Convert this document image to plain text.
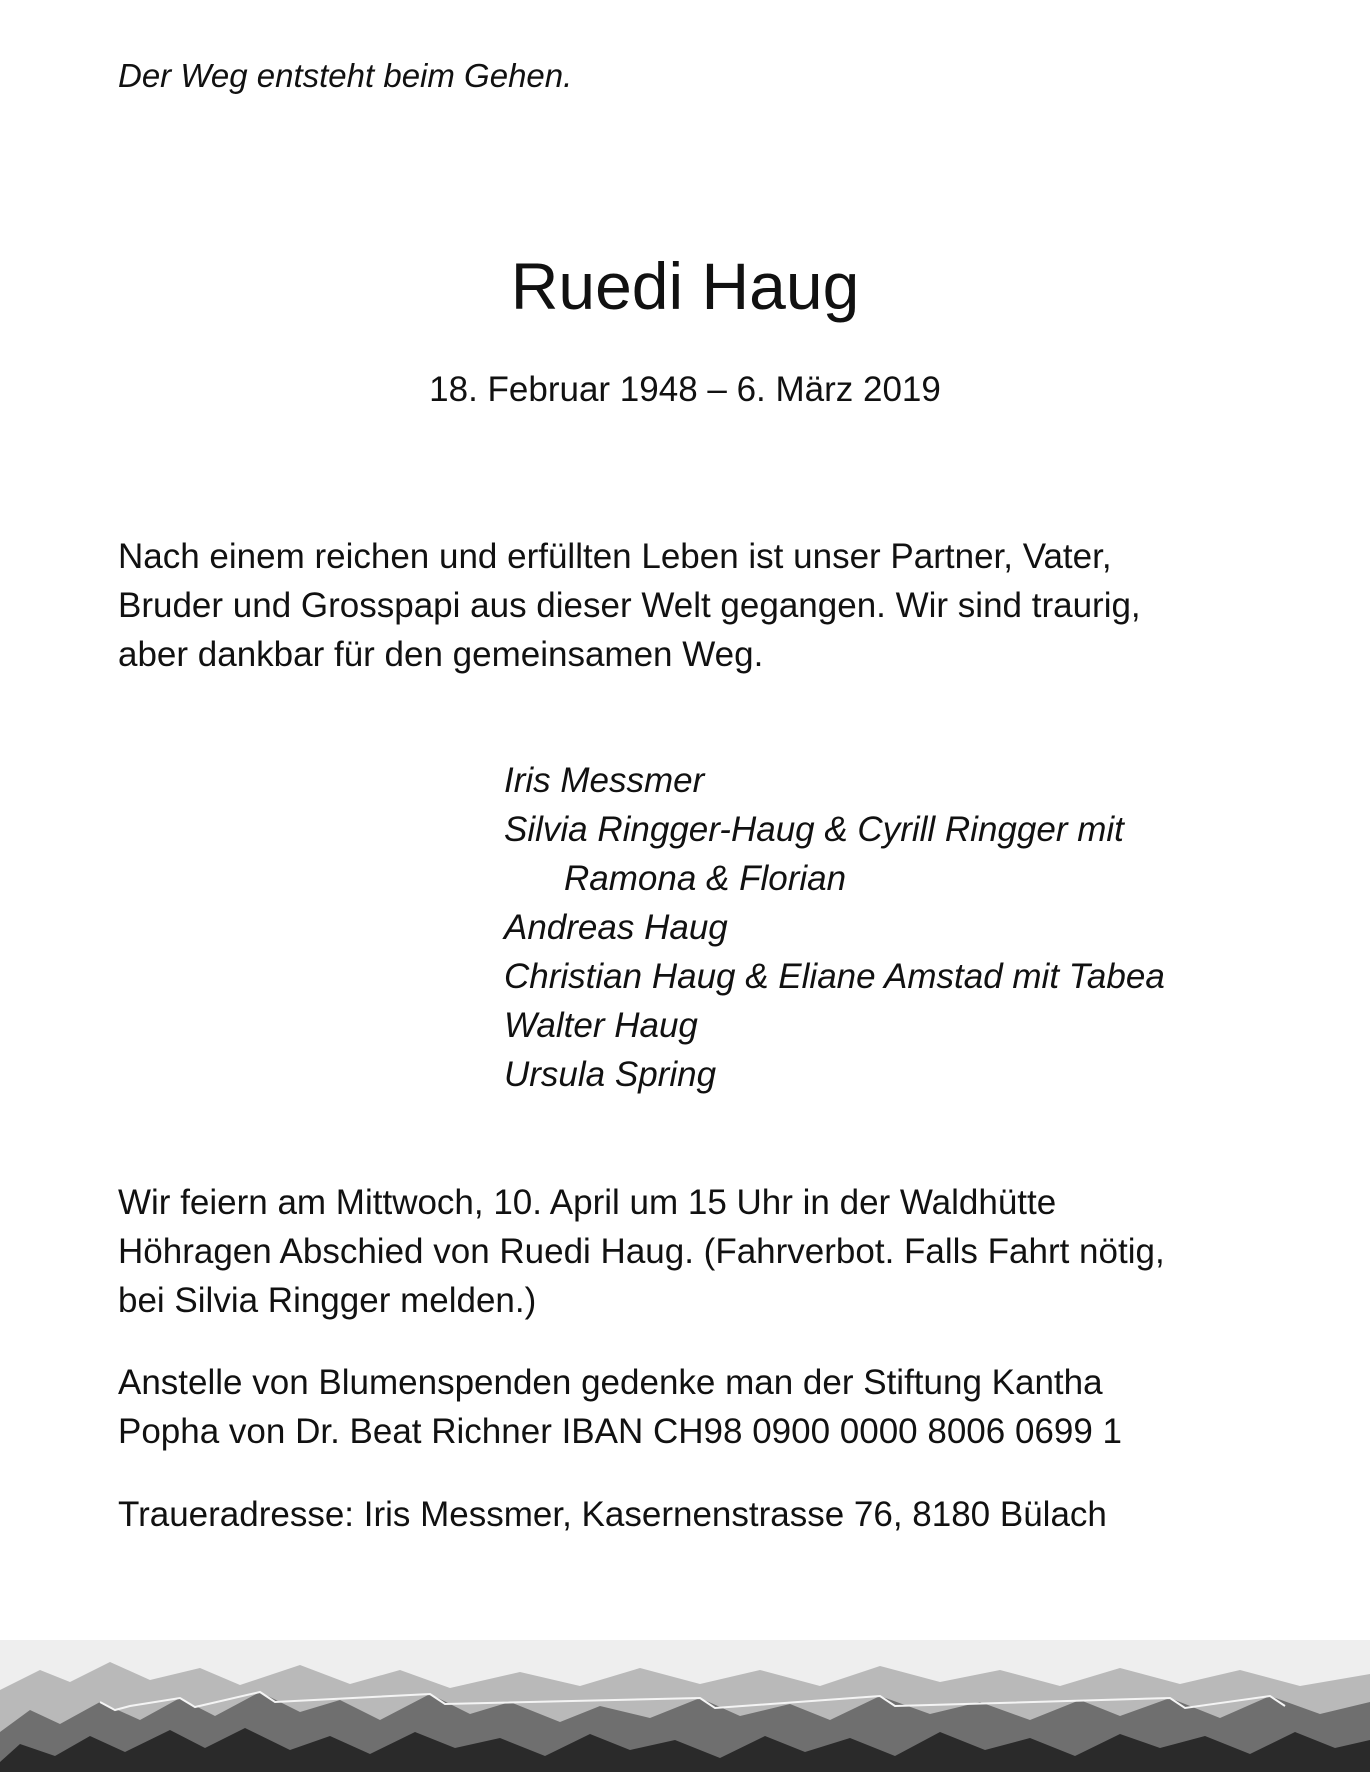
Der Weg entsteht beim Gehen.
Ruedi Haug
18. Februar 1948 – 6. März 2019

Nach einem reichen und erfüllten Leben ist unser Partner, Vater,
Bruder und Grosspapi aus dieser Welt gegangen. Wir sind traurig,
aber dankbar für den gemeinsamen Weg.

Iris Messmer
Silvia Ringger-Haug & Cyrill Ringger mit
Ramona & Florian
Andreas Haug
Christian Haug & Eliane Amstad mit Tabea
Walter Haug
Ursula Spring

Wir feiern am Mittwoch, 10. April um 15 Uhr in der Waldhütte
Höhragen Abschied von Ruedi Haug. (Fahrverbot. Falls Fahrt nötig,
bei Silvia Ringger melden.)

Anstelle von Blumenspenden gedenke man der Stiftung Kantha
Popha von Dr. Beat Richner IBAN CH98 0900 0000 8006 0699 1

Traueradresse: Iris Messmer, Kasernenstrasse 76, 8180 Bülach
